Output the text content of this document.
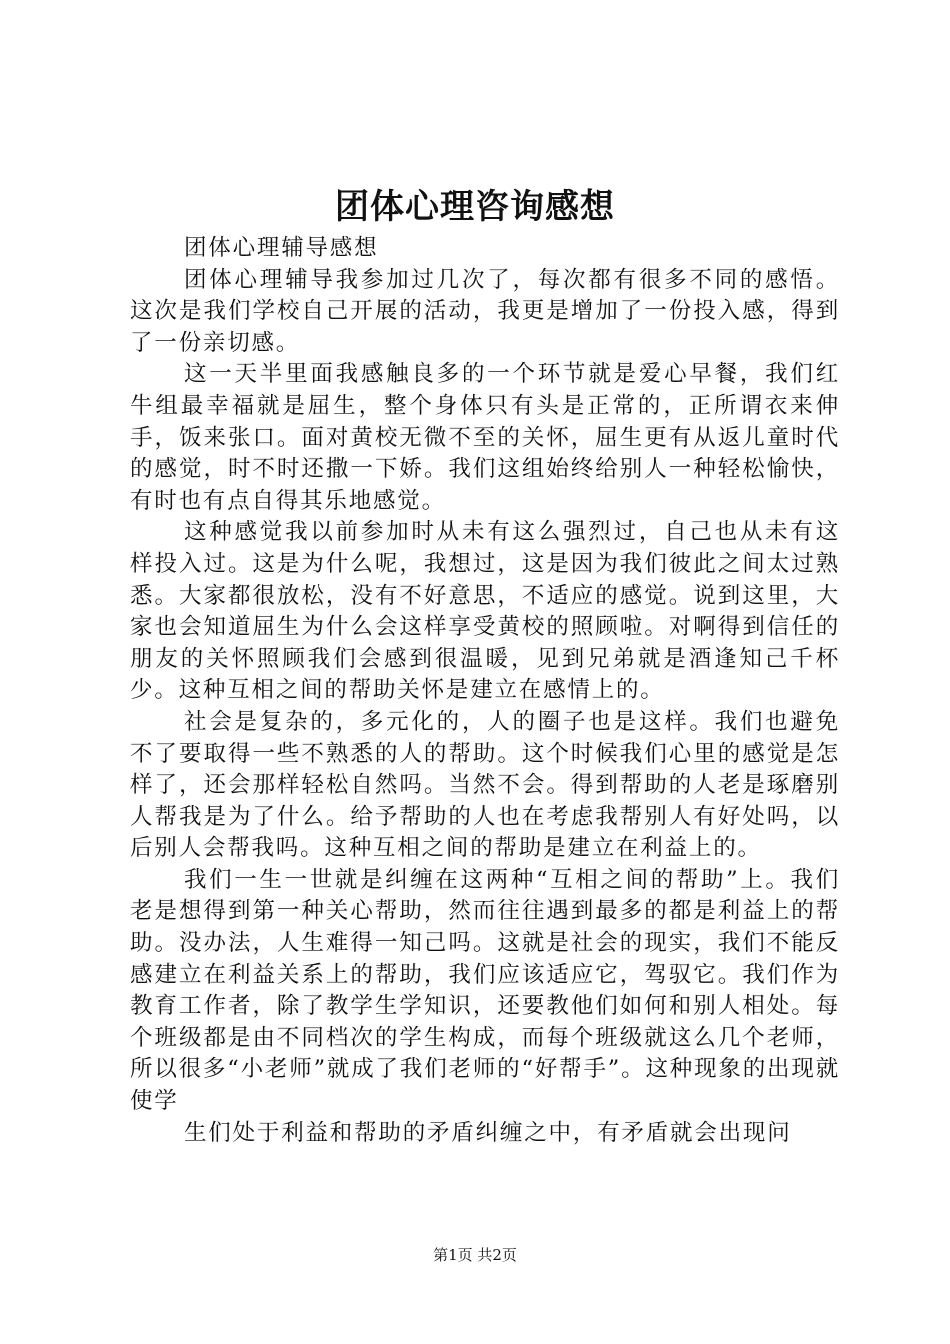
团体心理咨询感想

团体心理辅导感想

团体心理辅导我参加过几次了，每次都有很多不同的感悟。这次是我们学校自己开展的活动，我更是增加了一份投入感，得到了一份亲切感。

这一天半里面我感触良多的一个环节就是爱心早餐，我们红牛组最幸福就是屈生，整个身体只有头是正常的，正所谓衣来伸手，饭来张口。面对黄校无微不至的关怀，屈生更有从返儿童时代的感觉，时不时还撒一下娇。我们这组始终给别人一种轻松愉快，有时也有点自得其乐地感觉。

这种感觉我以前参加时从未有这么强烈过，自己也从未有这样投入过。这是为什么呢，我想过，这是因为我们彼此之间太过熟悉。大家都很放松，没有不好意思，不适应的感觉。说到这里，大家也会知道屈生为什么会这样享受黄校的照顾啦。对啊得到信任的朋友的关怀照顾我们会感到很温暖，见到兄弟就是酒逢知己千杯少。这种互相之间的帮助关怀是建立在感情上的。

社会是复杂的，多元化的，人的圈子也是这样。我们也避免不了要取得一些不熟悉的人的帮助。这个时候我们心里的感觉是怎样了，还会那样轻松自然吗。当然不会。得到帮助的人老是琢磨别人帮我是为了什么。给予帮助的人也在考虑我帮别人有好处吗，以后别人会帮我吗。这种互相之间的帮助是建立在利益上的。

我们一生一世就是纠缠在这两种“互相之间的帮助”上。我们老是想得到第一种关心帮助，然而往往遇到最多的都是利益上的帮助。没办法，人生难得一知己吗。这就是社会的现实，我们不能反感建立在利益关系上的帮助，我们应该适应它，驾驭它。我们作为教育工作者，除了教学生学知识，还要教他们如何和别人相处。每个班级都是由不同档次的学生构成，而每个班级就这么几个老师，所以很多“小老师”就成了我们老师的“好帮手”。这种现象的出现就使学

生们处于利益和帮助的矛盾纠缠之中，有矛盾就会出现问

第1页 共2页
